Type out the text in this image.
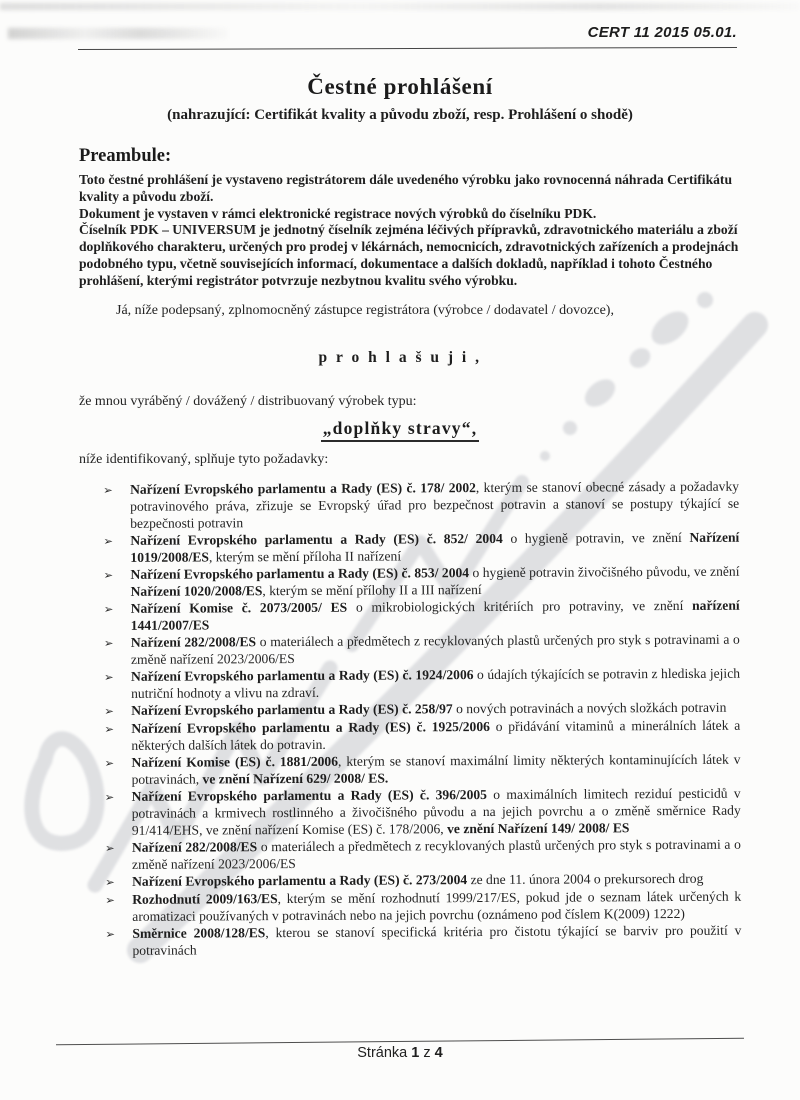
CERT 11 2015 05.01.
Čestné prohlášení
(nahrazující: Certifikát kvality a původu zboží, resp. Prohlášení o shodě)
Preambule:

Toto čestné prohlášení je vystaveno registrátorem dále uvedeného výrobku jako rovnocenná náhrada Certifikátu kvality a původu zboží.

Dokument je vystaven v rámci elektronické registrace nových výrobků do číselníku PDK.

Číselník PDK – UNIVERSUM je jednotný číselník zejména léčivých přípravků, zdravotnického materiálu a zboží doplňkového charakteru, určených pro prodej v lékárnách, nemocnicích, zdravotnických zařízeních a prodejnách podobného typu, včetně souvisejících informací, dokumentace a dalších dokladů, například i tohoto Čestného prohlášení, kterými registrátor potvrzuje nezbytnou kvalitu svého výrobku.

Já, níže podepsaný, zplnomocněný zástupce registrátora (výrobce / dodavatel / dovozce),
p r o h l a š u j i ,
že mnou vyráběný / dovážený / distribuovaný výrobek typu:
„doplňky stravy“,
níže identifikovaný, splňuje tyto požadavky:
➢	Nařízení Evropského parlamentu a Rady (ES) č. 178/ 2002, kterým se stanoví obecné zásady a požadavky potravinového práva, zřizuje se Evropský úřad pro bezpečnost potravin a stanoví se postupy týkající se bezpečnosti potravin
➢	Nařízení Evropského parlamentu a Rady (ES) č. 852/ 2004 o hygieně potravin, ve znění Nařízení 1019/2008/ES, kterým se mění příloha II nařízení
➢	Nařízení Evropského parlamentu a Rady (ES) č. 853/ 2004 o hygieně potravin živočišného původu, ve znění Nařízení 1020/2008/ES, kterým se mění přílohy II a III nařízení
➢	Nařízení Komise č. 2073/2005/ ES o mikrobiologických kritériích pro potraviny, ve znění nařízení 1441/2007/ES
➢	Nařízení 282/2008/ES o materiálech a předmětech z recyklovaných plastů určených pro styk s potravinami a o změně nařízení 2023/2006/ES
➢	Nařízení Evropského parlamentu a Rady (ES) č. 1924/2006 o údajích týkajících se potravin z hlediska jejich nutriční hodnoty a vlivu na zdraví.
➢	Nařízení Evropského parlamentu a Rady (ES) č. 258/97 o nových potravinách a nových složkách potravin
➢	Nařízení Evropského parlamentu a Rady (ES) č. 1925/2006 o přidávání vitaminů a minerálních látek a některých dalších látek do potravin.
➢	Nařízení Komise (ES) č. 1881/2006, kterým se stanoví maximální limity některých kontaminujících látek v potravinách, ve znění Nařízení 629/ 2008/ ES.
➢	Nařízení Evropského parlamentu a Rady (ES) č. 396/2005 o maximálních limitech reziduí pesticidů v potravinách a krmivech rostlinného a živočišného původu a na jejich povrchu a o změně směrnice Rady 91/414/EHS, ve znění nařízení Komise (ES) č. 178/2006, ve znění Nařízení 149/ 2008/ ES
➢	Nařízení 282/2008/ES o materiálech a předmětech z recyklovaných plastů určených pro styk s potravinami a o změně nařízení 2023/2006/ES
➢	Nařízení Evropského parlamentu a Rady (ES) č. 273/2004 ze dne 11. února 2004 o prekursorech drog
➢	Rozhodnutí 2009/163/ES, kterým se mění rozhodnutí 1999/217/ES, pokud jde o seznam látek určených k aromatizaci používaných v potravinách nebo na jejich povrchu (oznámeno pod číslem K(2009) 1222)
➢	Směrnice 2008/128/ES, kterou se stanoví specifická kritéria pro čistotu týkající se barviv pro použití v potravinách
Stránka 1 z 4
